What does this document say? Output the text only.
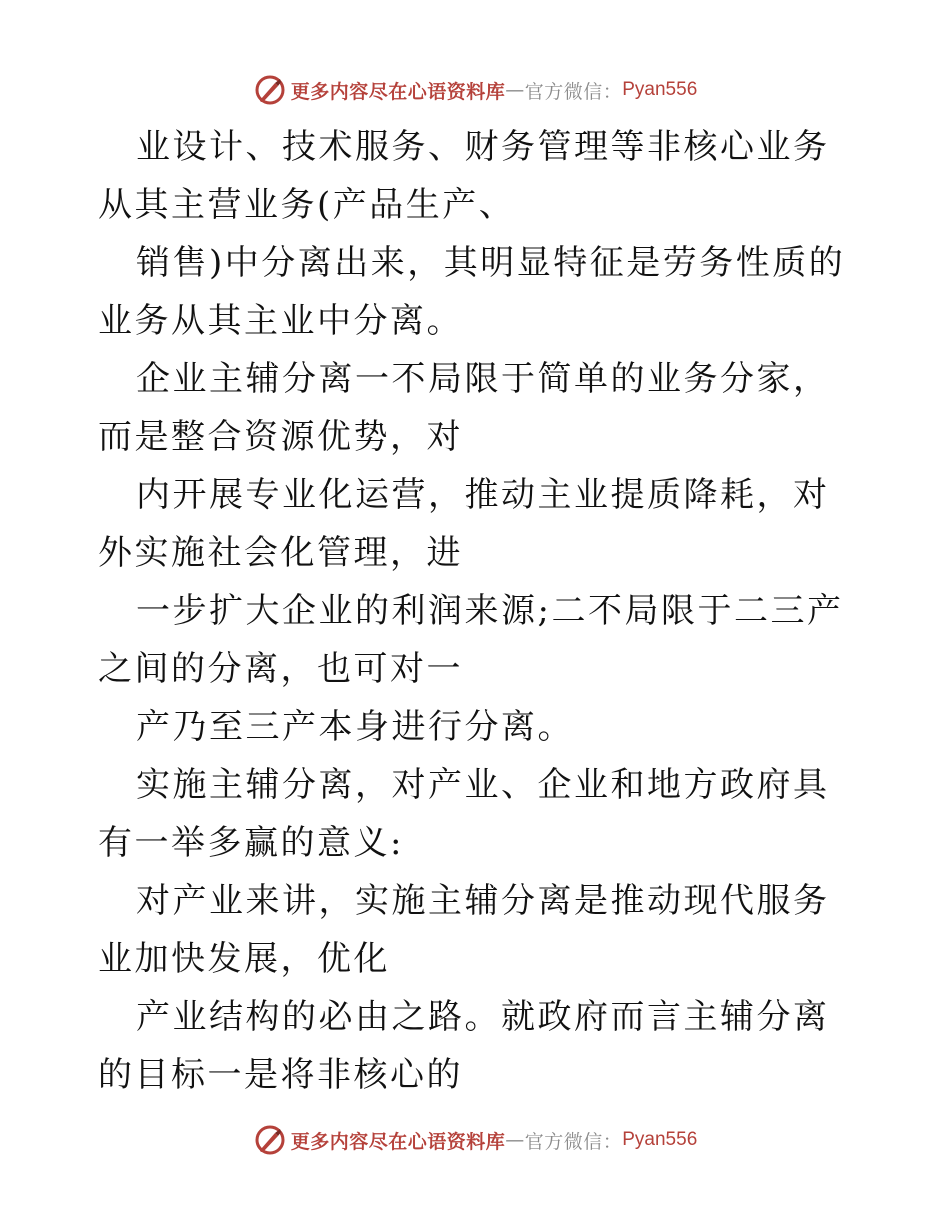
更多内容尽在心语资料库 — 官方微信： Pyan556

业设计、技术服务、财务管理等非核心业务从其主营业务(产品生产、

销售)中分离出来，其明显特征是劳务性质的业务从其主业中分离。

企业主辅分离一不局限于简单的业务分家，而是整合资源优势，对

内开展专业化运营，推动主业提质降耗，对外实施社会化管理，进

一步扩大企业的利润来源;二不局限于二三产之间的分离，也可对一

产乃至三产本身进行分离。

实施主辅分离，对产业、企业和地方政府具有一举多赢的意义:

对产业来讲，实施主辅分离是推动现代服务业加快发展，优化

产业结构的必由之路。就政府而言主辅分离的目标一是将非核心的

更多内容尽在心语资料库 — 官方微信： Pyan556
